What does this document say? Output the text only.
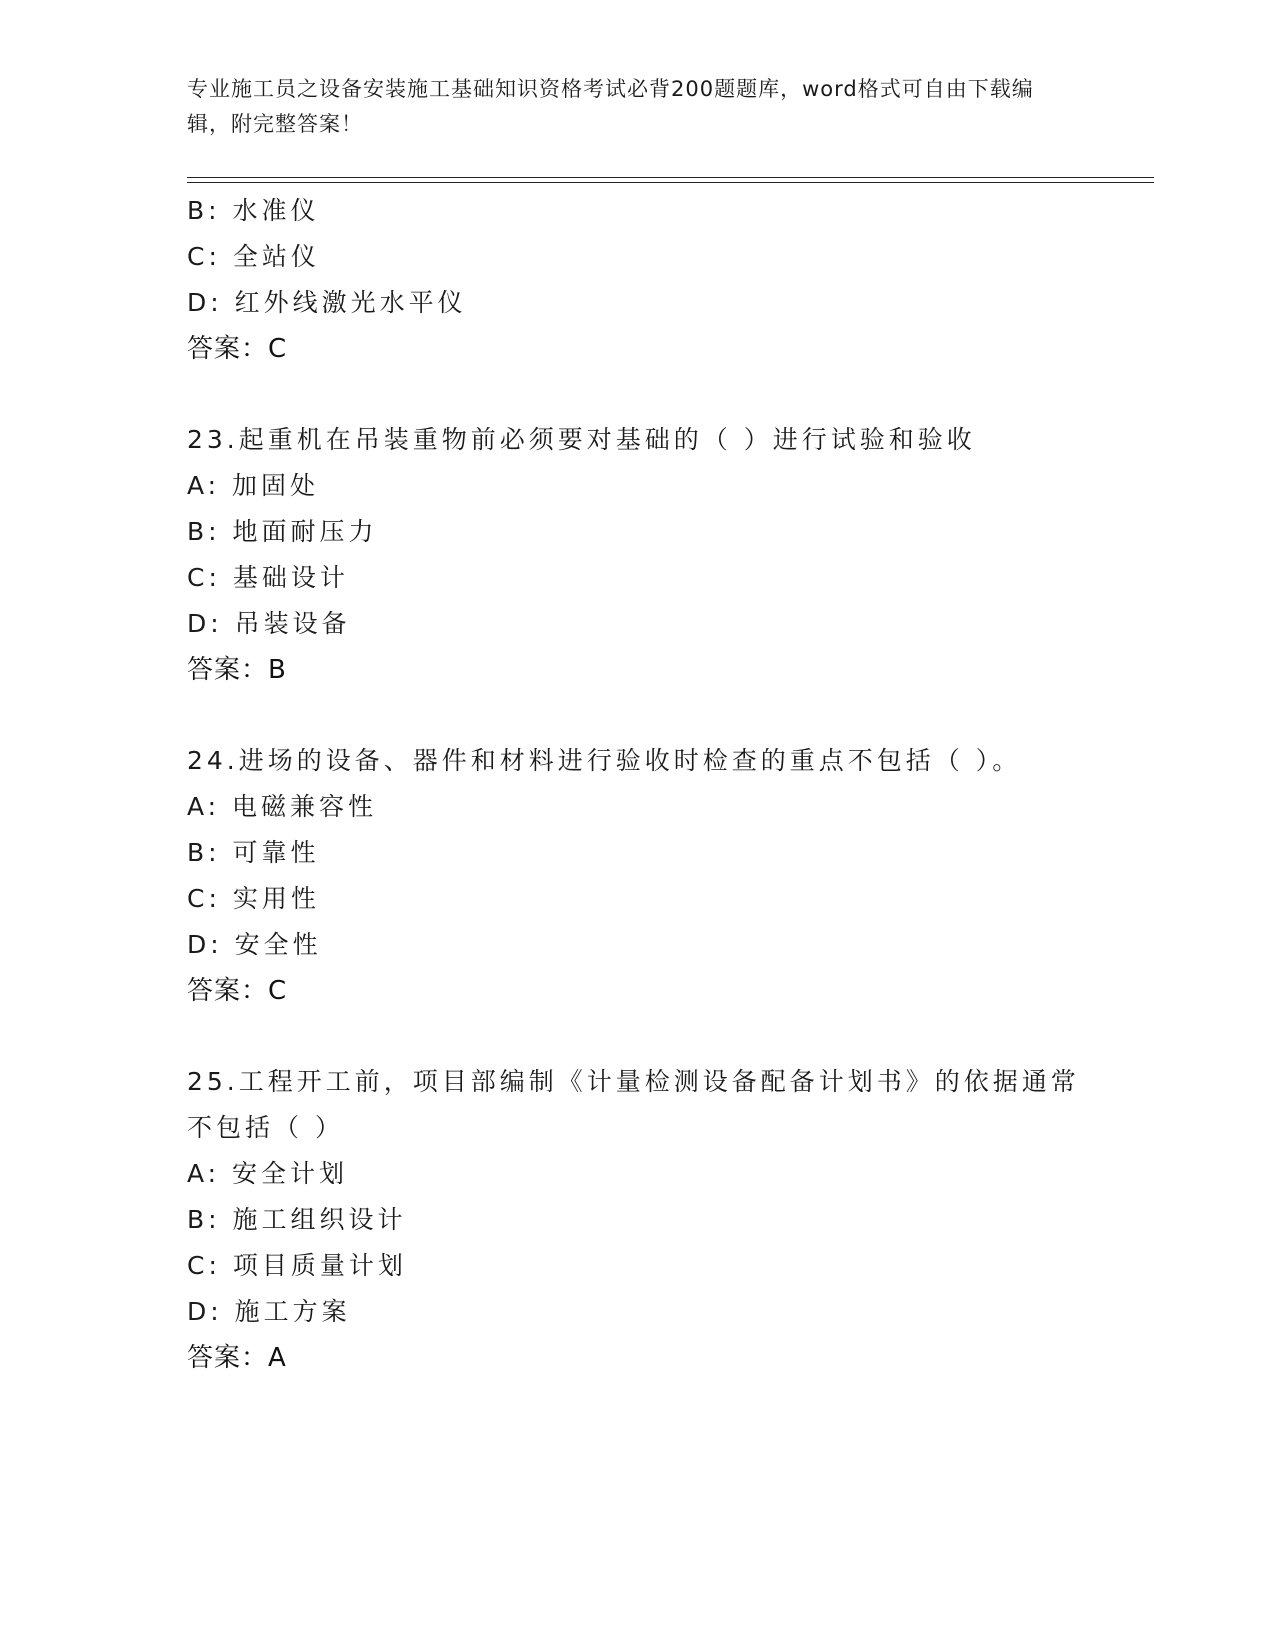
专业施工员之设备安装施工基础知识资格考试必背200题题库，word格式可自由下载编辑，附完整答案！
B: 水准仪
C: 全站仪
D: 红外线激光水平仪
答案：C
23.起重机在吊装重物前必须要对基础的（ ）进行试验和验收
A: 加固处
B: 地面耐压力
C: 基础设计
D: 吊装设备
答案：B
24.进场的设备、器件和材料进行验收时检查的重点不包括（ ）。
A: 电磁兼容性
B: 可靠性
C: 实用性
D: 安全性
答案：C
25.工程开工前，项目部编制《计量检测设备配备计划书》的依据通常
不包括（ ）
A: 安全计划
B: 施工组织设计
C: 项目质量计划
D: 施工方案
答案：A
